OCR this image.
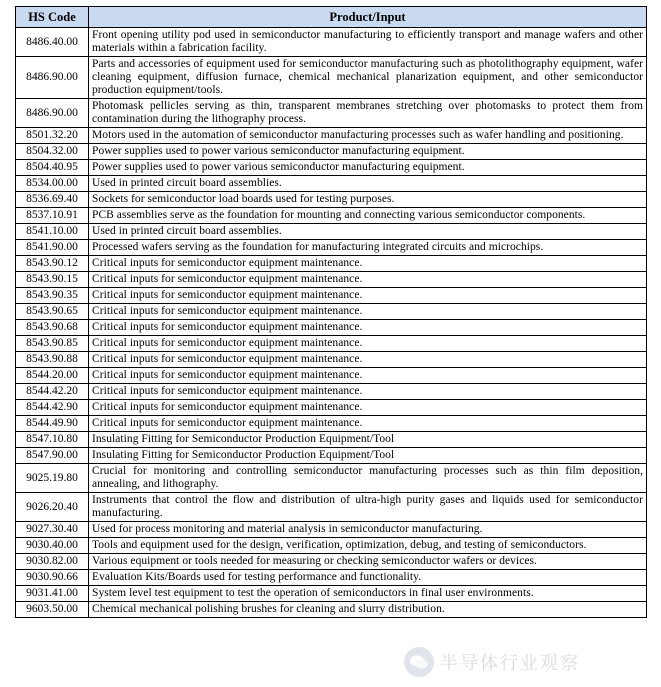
HS Code	Product/Input
8486.40.00	Front opening utility pod used in semiconductor manufacturing to efficiently transport and manage wafers and other materials within a fabrication facility.
8486.90.00	Parts and accessories of equipment used for semiconductor manufacturing such as photolithography equipment, wafer cleaning equipment, diffusion furnace, chemical mechanical planarization equipment, and other semiconductor production equipment/tools.
8486.90.00	Photomask pellicles serving as thin, transparent membranes stretching over photomasks to protect them from contamination during the lithography process.
8501.32.20	Motors used in the automation of semiconductor manufacturing processes such as wafer handling and positioning.
8504.32.00	Power supplies used to power various semiconductor manufacturing equipment.
8504.40.95	Power supplies used to power various semiconductor manufacturing equipment.
8534.00.00	Used in printed circuit board assemblies.
8536.69.40	Sockets for semiconductor load boards used for testing purposes.
8537.10.91	PCB assemblies serve as the foundation for mounting and connecting various semiconductor components.
8541.10.00	Used in printed circuit board assemblies.
8541.90.00	Processed wafers serving as the foundation for manufacturing integrated circuits and microchips.
8543.90.12	Critical inputs for semiconductor equipment maintenance.
8543.90.15	Critical inputs for semiconductor equipment maintenance.
8543.90.35	Critical inputs for semiconductor equipment maintenance.
8543.90.65	Critical inputs for semiconductor equipment maintenance.
8543.90.68	Critical inputs for semiconductor equipment maintenance.
8543.90.85	Critical inputs for semiconductor equipment maintenance.
8543.90.88	Critical inputs for semiconductor equipment maintenance.
8544.20.00	Critical inputs for semiconductor equipment maintenance.
8544.42.20	Critical inputs for semiconductor equipment maintenance.
8544.42.90	Critical inputs for semiconductor equipment maintenance.
8544.49.90	Critical inputs for semiconductor equipment maintenance.
8547.10.80	Insulating Fitting for Semiconductor Production Equipment/Tool
8547.90.00	Insulating Fitting for Semiconductor Production Equipment/Tool
9025.19.80	Crucial for monitoring and controlling semiconductor manufacturing processes such as thin film deposition, annealing, and lithography.
9026.20.40	Instruments that control the flow and distribution of ultra-high purity gases and liquids used for semiconductor manufacturing.
9027.30.40	Used for process monitoring and material analysis in semiconductor manufacturing.
9030.40.00	Tools and equipment used for the design, verification, optimization, debug, and testing of semiconductors.
9030.82.00	Various equipment or tools needed for measuring or checking semiconductor wafers or devices.
9030.90.66	Evaluation Kits/Boards used for testing performance and functionality.
9031.41.00	System level test equipment to test the operation of semiconductors in final user environments.
9603.50.00	Chemical mechanical polishing brushes for cleaning and slurry distribution.
半导体行业观察
